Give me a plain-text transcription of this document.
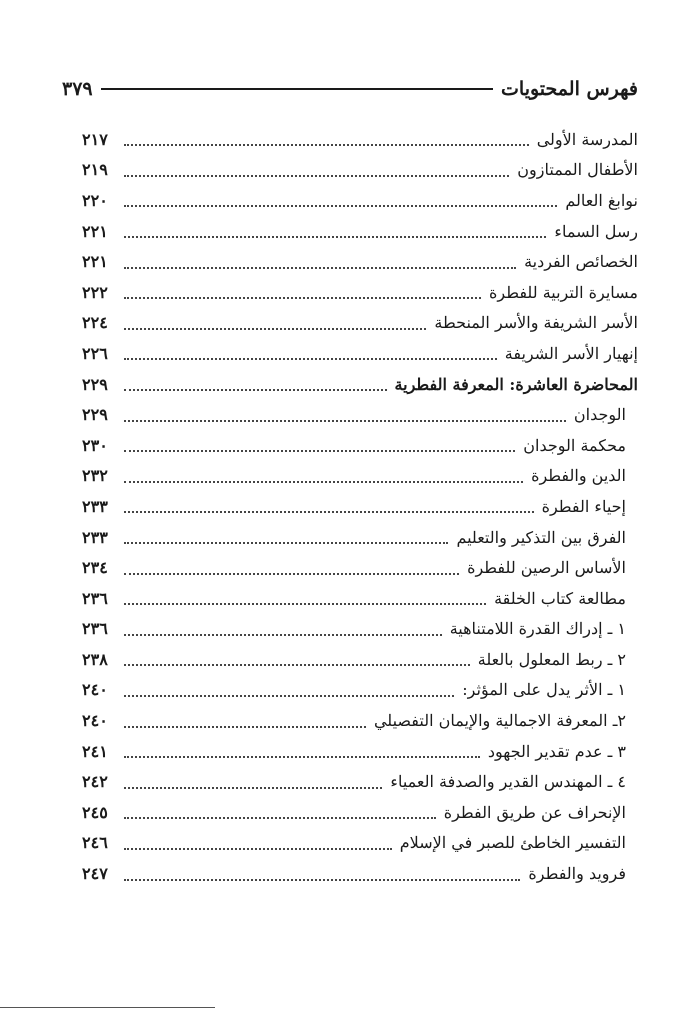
فهرس المحتويات
٣٧٩
المدرسة الأولى
٢١٧
الأطفال الممتازون
٢١٩
نوابغ العالم
٢٢٠
رسل السماء
٢٢١
الخصائص الفردية
٢٢١
مسايرة التربية للفطرة
٢٢٢
الأسر الشريفة والأسر المنحطة
٢٢٤
إنهيار الأسر الشريفة
٢٢٦
المحاضرة العاشرة: المعرفة الفطرية
٢٢٩
الوجدان
٢٢٩
محكمة الوجدان
٢٣٠
الدين والفطرة
٢٣٢
إحياء الفطرة
٢٣٣
الفرق بين التذكير والتعليم
٢٣٣
الأساس الرصين للفطرة
٢٣٤
مطالعة كتاب الخلقة
٢٣٦
١ ـ إدراك القدرة اللامتناهية
٢٣٦
٢ ـ ربط المعلول بالعلة
٢٣٨
١ ـ الأثر يدل على المؤثر:
٢٤٠
٢ـ المعرفة الاجمالية والإيمان التفصيلي
٢٤٠
٣ ـ عدم تقدير الجهود
٢٤١
٤ ـ المهندس القدير والصدفة العمياء
٢٤٢
الإنحراف عن طريق الفطرة
٢٤٥
التفسير الخاطئ للصبر في الإسلام
٢٤٦
فرويد والفطرة
٢٤٧
